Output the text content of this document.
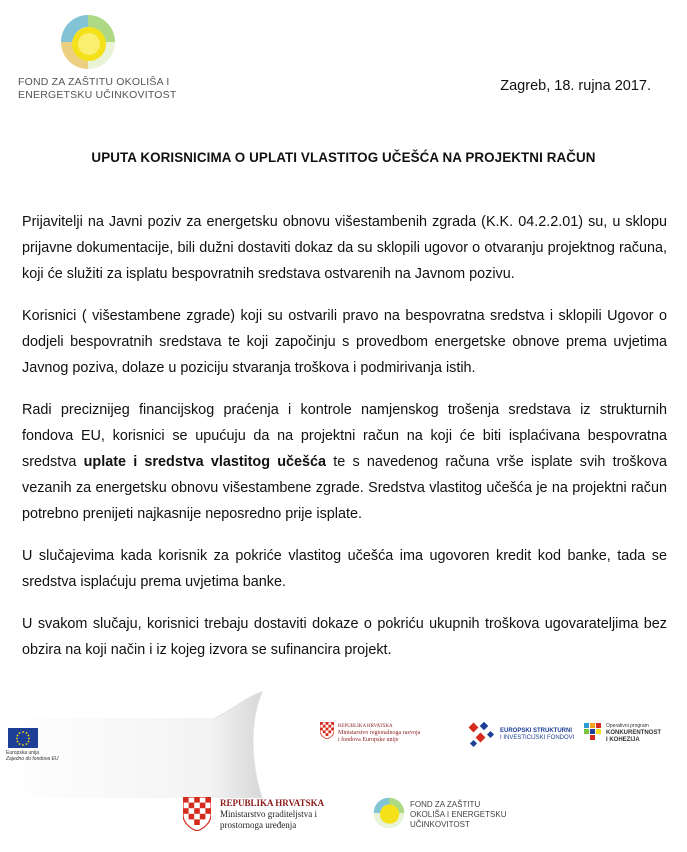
FOND ZA ZAŠTITU OKOLIŠA I
ENERGETSKU UČINKOVITOST
Zagreb, 18. rujna 2017.
UPUTA KORISNICIMA O UPLATI VLASTITOG UČEŠĆA NA PROJEKTNI RAČUN

Prijavitelji na Javni poziv za energetsku obnovu višestambenih zgrada (K.K. 04.2.2.01) su, u sklopu prijavne dokumentacije, bili dužni dostaviti dokaz da su sklopili ugovor o otvaranju projektnog računa, koji će služiti za isplatu bespovratnih sredstava ostvarenih na Javnom pozivu.

Korisnici ( višestambene zgrade) koji su ostvarili pravo na bespovratna sredstva i sklopili Ugovor o dodjeli bespovratnih sredstava te koji započinju s provedbom energetske obnove prema uvjetima Javnog poziva, dolaze u poziciju stvaranja troškova i podmirivanja istih.

Radi preciznijeg financijskog praćenja i kontrole namjenskog trošenja sredstava iz strukturnih fondova EU, korisnici se upućuju da na projektni račun na koji će biti isplaćivana bespovratna sredstva uplate i sredstva vlastitog učešća te s navedenog računa vrše isplate svih troškova vezanih za energetsku obnovu višestambene zgrade. Sredstva vlastitog učešća je na projektni račun potrebno prenijeti najkasnije neposredno prije isplate.

U slučajevima kada korisnik za pokriće vlastitog učešća ima ugovoren kredit kod banke, tada se sredstva isplaćuju prema uvjetima banke.

U svakom slučaju, korisnici trebaju dostaviti dokaze o pokriću ukupnih troškova ugovarateljima bez obzira na koji način i iz kojeg izvora se sufinancira projekt.

Europska unija
Zajedno do fondova EU
REPUBLIKA HRVATSKA
Ministarstvo regionalnoga razvoja
i fondova Europske unije
EUROPSKI STRUKTURNI
I INVESTICIJSKI FONDOVI
Operativni program
KONKURENTNOST
I KOHEZIJA
REPUBLIKA HRVATSKA
Ministarstvo graditeljstva i
prostornoga uređenja
FOND ZA ZAŠTITU
OKOLIŠA I ENERGETSKU
UČINKOVITOST
